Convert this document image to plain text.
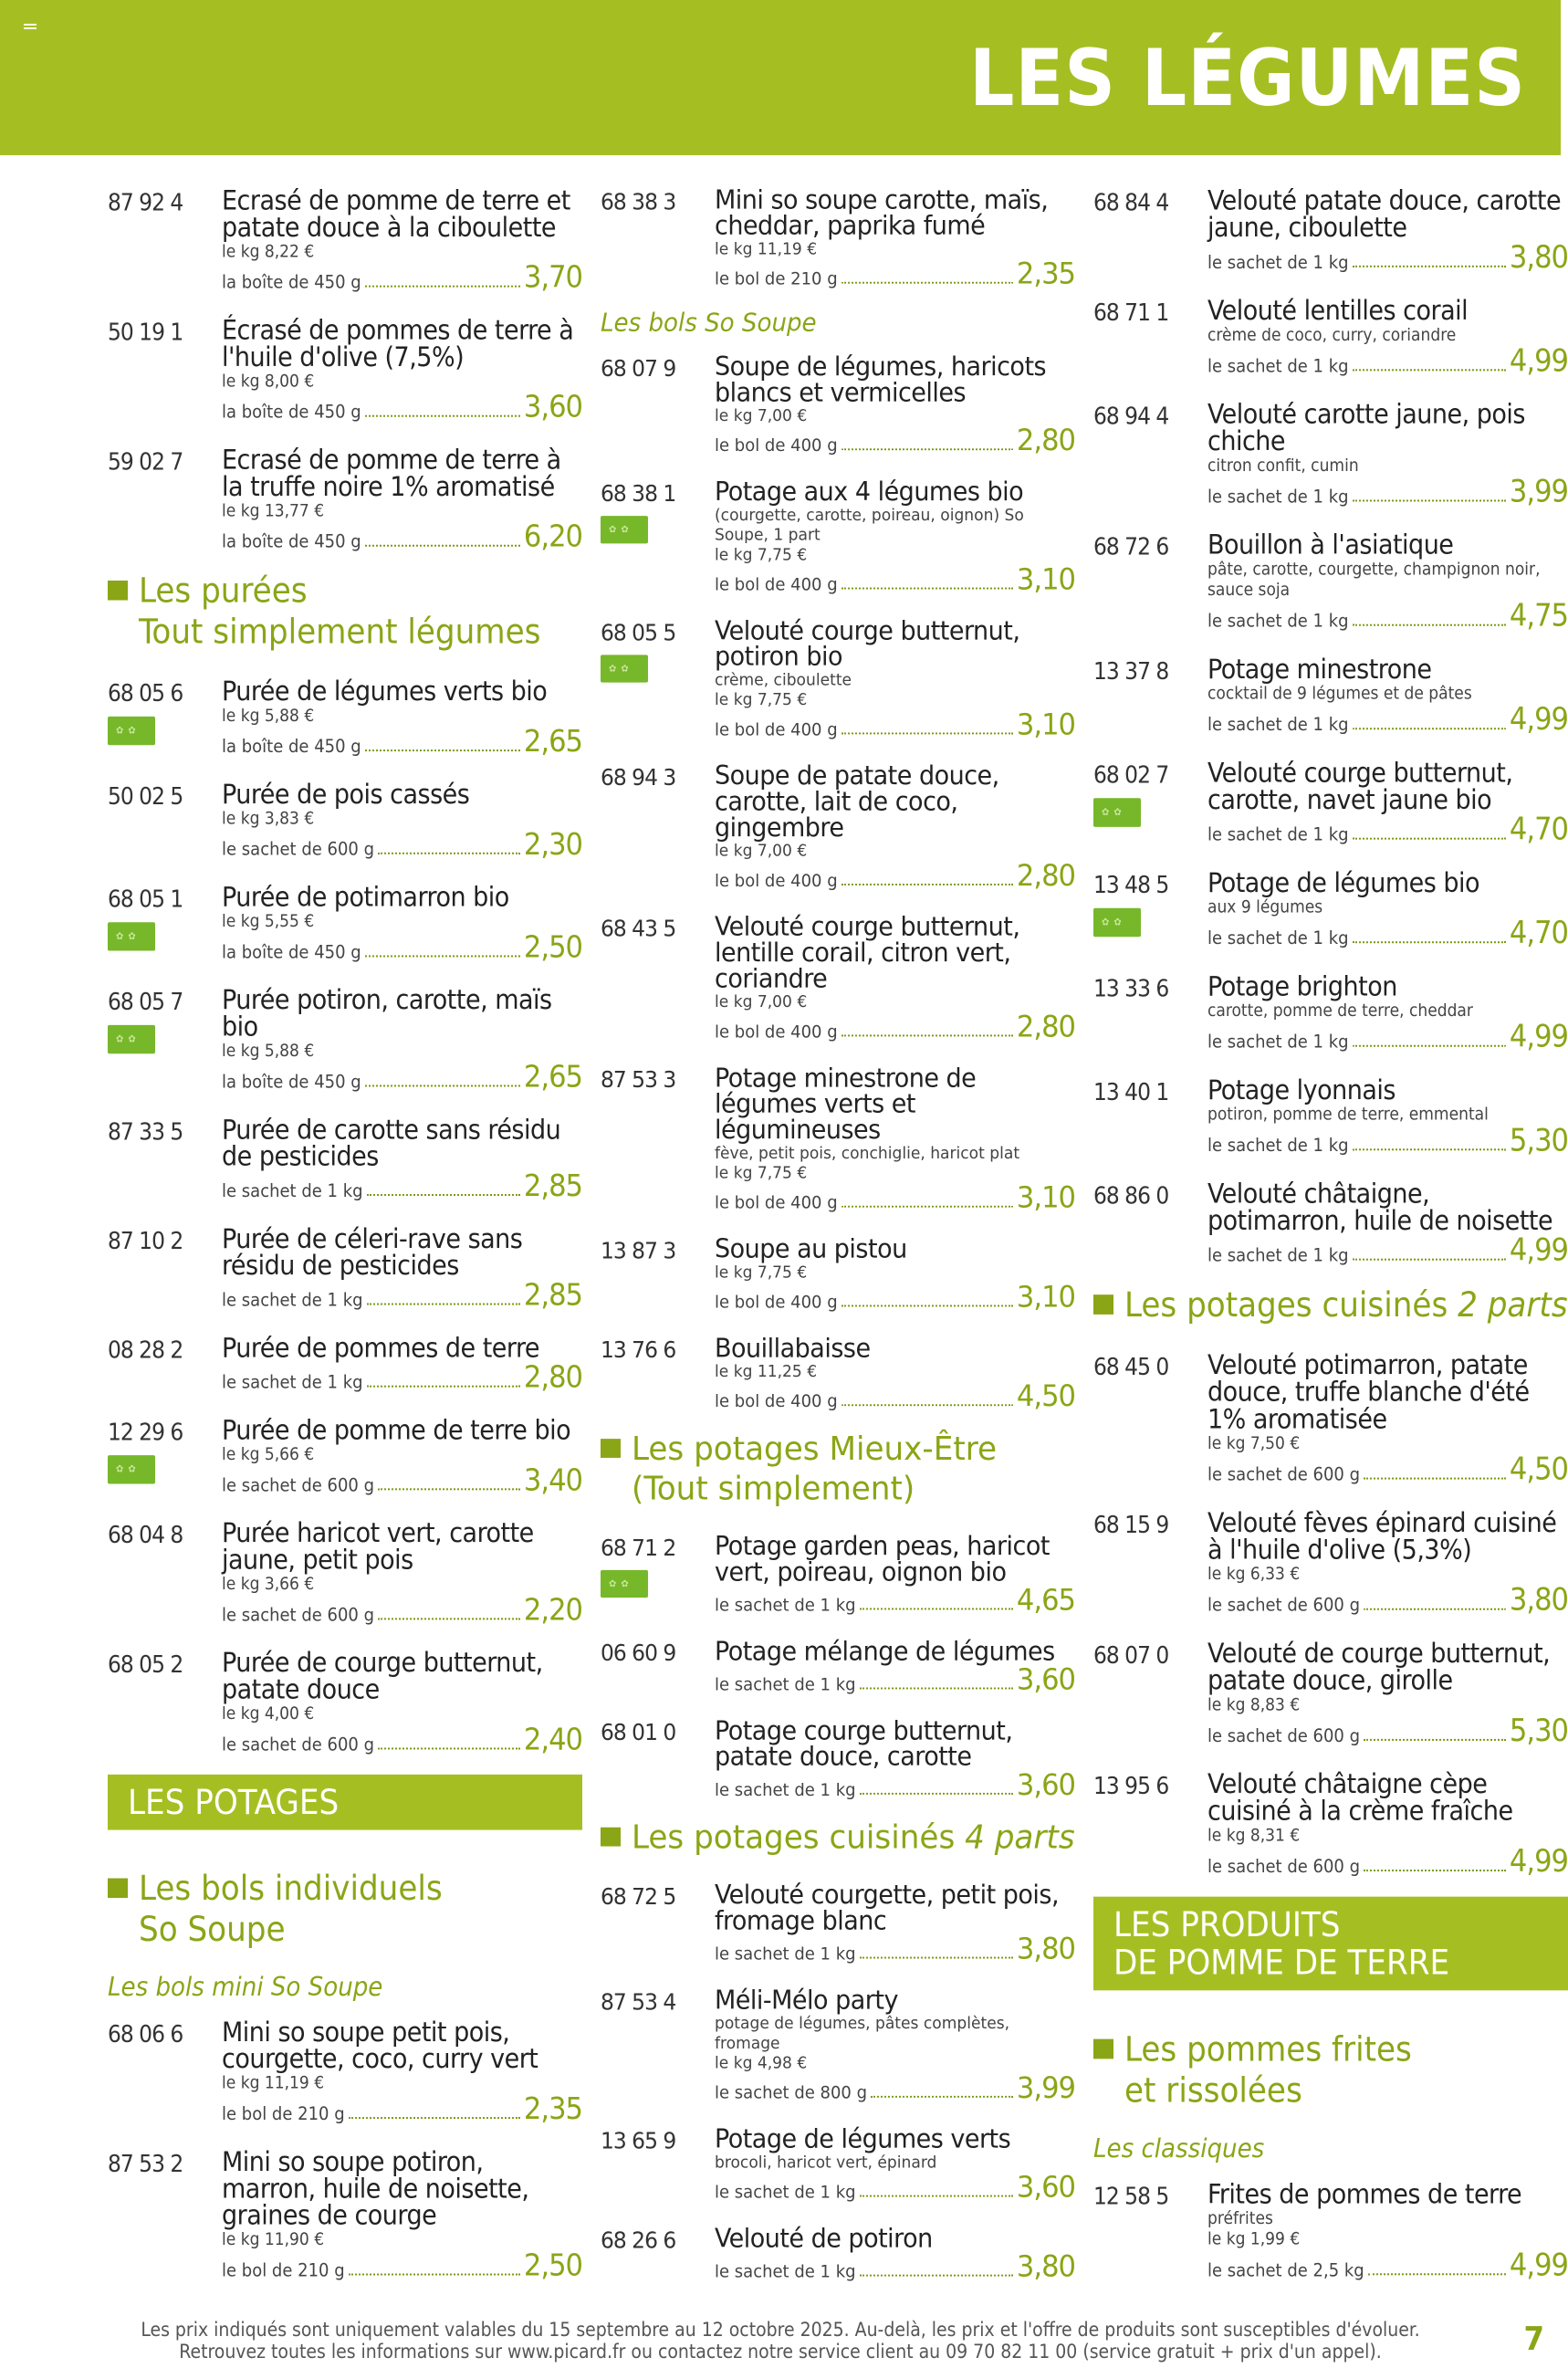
LES LÉGUMES
87 92 4 Ecrasé de pomme de terre et patate douce à la ciboulette
le kg 8,22 €
la boîte de 450 g	3,70
50 19 1 Écrasé de pommes de terre à l'huile d'olive (7,5%)
le kg 8,00 €
la boîte de 450 g	3,60
59 02 7 Ecrasé de pomme de terre à la truffe noire 1% aromatisé
le kg 13,77 €
la boîte de 450 g	6,20
Les purées
Tout simplement légumes
68 05 6
✿ ✿ Purée de légumes verts bio
le kg 5,88 €
la boîte de 450 g	2,65
50 02 5 Purée de pois cassés
le kg 3,83 €
le sachet de 600 g	2,30
68 05 1
✿ ✿ Purée de potimarron bio
le kg 5,55 €
la boîte de 450 g	2,50
68 05 7
✿ ✿ Purée potiron, carotte, maïs bio
le kg 5,88 €
la boîte de 450 g	2,65
87 33 5 Purée de carotte sans résidu de pesticides
le sachet de 1 kg	2,85
87 10 2 Purée de céleri-rave sans résidu de pesticides
le sachet de 1 kg	2,85
08 28 2 Purée de pommes de terre
le sachet de 1 kg	2,80
12 29 6
✿ ✿ Purée de pomme de terre bio
le kg 5,66 €
le sachet de 600 g	3,40
68 04 8 Purée haricot vert, carotte jaune, petit pois
le kg 3,66 €
le sachet de 600 g	2,20
68 05 2 Purée de courge butternut, patate douce
le kg 4,00 €
le sachet de 600 g	2,40
LES POTAGES
Les bols individuels
So Soupe
Les bols mini So Soupe
68 06 6 Mini so soupe petit pois, courgette, coco, curry vert
le kg 11,19 €
le bol de 210 g	2,35
87 53 2 Mini so soupe potiron, marron, huile de noisette, graines de courge
le kg 11,90 €
le bol de 210 g	2,50
68 38 3 Mini so soupe carotte, maïs, cheddar, paprika fumé
le kg 11,19 €
le bol de 210 g	2,35
Les bols So Soupe
68 07 9 Soupe de légumes, haricots blancs et vermicelles
le kg 7,00 €
le bol de 400 g	2,80
68 38 1
✿ ✿ Potage aux 4 légumes bio
(courgette, carotte, poireau, oignon) So Soupe, 1 part
le kg 7,75 €
le bol de 400 g	3,10
68 05 5
✿ ✿ Velouté courge butternut, potiron bio
crème, ciboulette
le kg 7,75 €
le bol de 400 g	3,10
68 94 3 Soupe de patate douce, carotte, lait de coco, gingembre
le kg 7,00 €
le bol de 400 g	2,80
68 43 5 Velouté courge butternut, lentille corail, citron vert, coriandre
le kg 7,00 €
le bol de 400 g	2,80
87 53 3 Potage minestrone de légumes verts et légumineuses
fève, petit pois, conchiglie, haricot plat
le kg 7,75 €
le bol de 400 g	3,10
13 87 3 Soupe au pistou
le kg 7,75 €
le bol de 400 g	3,10
13 76 6 Bouillabaisse
le kg 11,25 €
le bol de 400 g	4,50
Les potages Mieux-Être
(Tout simplement)
68 71 2
✿ ✿ Potage garden peas, haricot vert, poireau, oignon bio
le sachet de 1 kg	4,65
06 60 9 Potage mélange de légumes
le sachet de 1 kg	3,60
68 01 0 Potage courge butternut, patate douce, carotte
le sachet de 1 kg	3,60
Les potages cuisinés
4 parts
68 72 5 Velouté courgette, petit pois, fromage blanc
le sachet de 1 kg	3,80
87 53 4 Méli-Mélo party
potage de légumes, pâtes complètes, fromage
le kg 4,98 €
le sachet de 800 g	3,99
13 65 9 Potage de légumes verts
brocoli, haricot vert, épinard
le sachet de 1 kg	3,60
68 26 6 Velouté de potiron
le sachet de 1 kg	3,80
68 84 4 Velouté patate douce, carotte jaune, ciboulette
le sachet de 1 kg	3,80
68 71 1 Velouté lentilles corail
crème de coco, curry, coriandre
le sachet de 1 kg	4,99
68 94 4 Velouté carotte jaune, pois chiche
citron confit, cumin
le sachet de 1 kg	3,99
68 72 6 Bouillon à l'asiatique
pâte, carotte, courgette, champignon noir, sauce soja
le sachet de 1 kg	4,75
13 37 8 Potage minestrone
cocktail de 9 légumes et de pâtes
le sachet de 1 kg	4,99
68 02 7
✿ ✿ Velouté courge butternut, carotte, navet jaune bio
le sachet de 1 kg	4,70
13 48 5
✿ ✿ Potage de légumes bio
aux 9 légumes
le sachet de 1 kg	4,70
13 33 6 Potage brighton
carotte, pomme de terre, cheddar
le sachet de 1 kg	4,99
13 40 1 Potage lyonnais
potiron, pomme de terre, emmental
le sachet de 1 kg	5,30
68 86 0 Velouté châtaigne, potimarron, huile de noisette
le sachet de 1 kg	4,99
Les potages cuisinés
2 parts
68 45 0 Velouté potimarron, patate douce, truffe blanche d'été 1% aromatisée
le kg 7,50 €
le sachet de 600 g	4,50
68 15 9 Velouté fèves épinard cuisiné à l'huile d'olive (5,3%)
le kg 6,33 €
le sachet de 600 g	3,80
68 07 0 Velouté de courge butternut, patate douce, girolle
le kg 8,83 €
le sachet de 600 g	5,30
13 95 6 Velouté châtaigne cèpe cuisiné à la crème fraîche
le kg 8,31 €
le sachet de 600 g	4,99
LES PRODUITS
DE POMME DE TERRE
Les pommes frites
et rissolées
Les classiques
12 58 5 Frites de pommes de terre
préfrites
le kg 1,99 €
le sachet de 2,5 kg	4,99
Les prix indiqués sont uniquement valables du 15 septembre au 12 octobre 2025. Au-delà, les prix et l'offre de produits sont susceptibles d'évoluer.
Retrouvez toutes les informations sur www.picard.fr ou contactez notre service client au 09 70 82 11 00 (service gratuit + prix d'un appel).	7
